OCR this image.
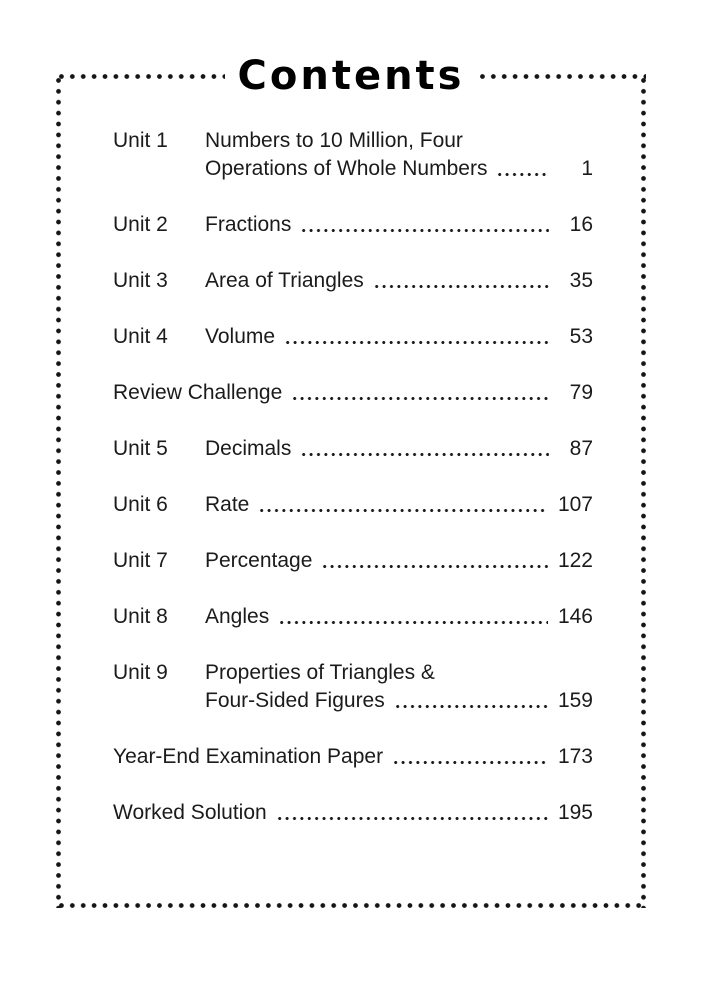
Contents
Unit 1	Numbers to 10 Million, Four
Operations of Whole Numbers	1
Unit 2	Fractions	16
Unit 3	Area of Triangles	35
Unit 4	Volume	53
Review Challenge	79
Unit 5	Decimals	87
Unit 6	Rate	107
Unit 7	Percentage	122
Unit 8	Angles	146
Unit 9	Properties of Triangles &
Four-Sided Figures	159
Year-End Examination Paper	173
Worked Solution	195
